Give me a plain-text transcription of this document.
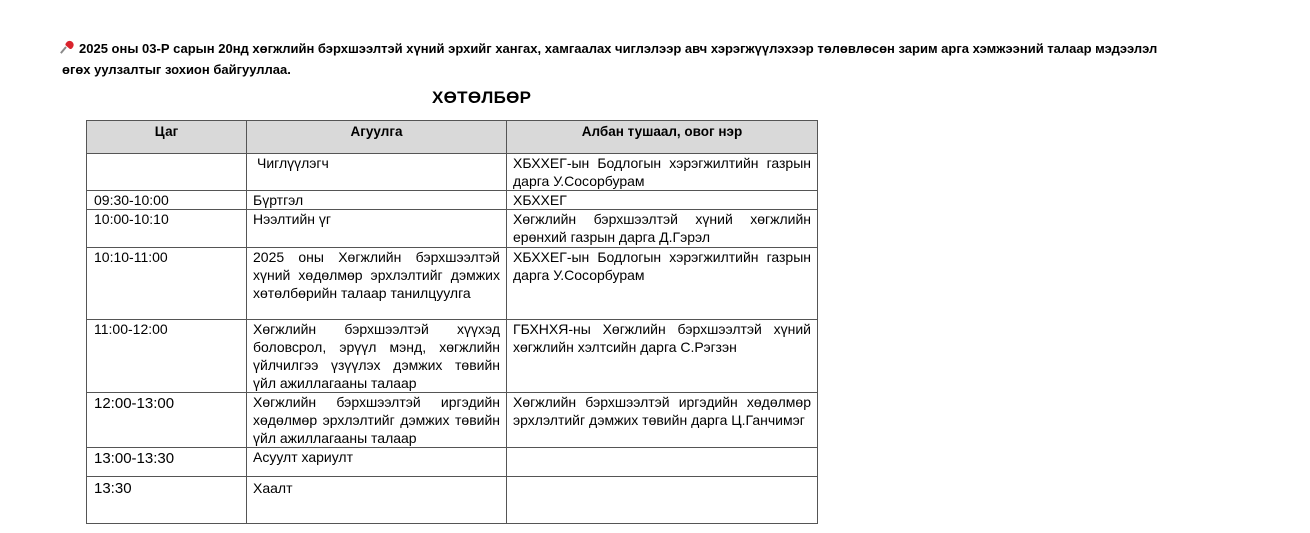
2025 оны 03-Р сарын 20нд хөгжлийн бэрхшээлтэй хүний эрхийг хангах, хамгаалах чиглэлээр авч хэрэгжүүлэхээр төлөвлөсөн зарим арга хэмжээний талаар мэдээлэл
өгөх уулзалтыг зохион байгууллаа.
ХӨТӨЛБӨР
Цаг	Агуулга	Албан тушаал, овог нэр
	Чиглүүлэгч	ХБХХЕГ-ын Бодлогын хэрэгжилтийн газрын дарга У.Сосорбурам
09:30-10:00	Бүртгэл	ХБХХЕГ
10:00-10:10	Нээлтийн үг	Хөгжлийн бэрхшээлтэй хүний хөгжлийн ерөнхий газрын дарга Д.Гэрэл
10:10-11:00	2025 оны Хөгжлийн бэрхшээлтэй хүний хөдөлмөр эрхлэлтийг дэмжих хөтөлбөрийн талаар танилцуулга	ХБХХЕГ-ын Бодлогын хэрэгжилтийн газрын дарга У.Сосорбурам
11:00-12:00	Хөгжлийн бэрхшээлтэй хүүхэд боловсрол, эрүүл мэнд, хөгжлийн үйлчилгээ үзүүлэх дэмжих төвийн үйл ажиллагааны талаар	ГБХНХЯ-ны Хөгжлийн бэрхшээлтэй хүний хөгжлийн хэлтсийн дарга С.Рэгзэн
12:00-13:00	Хөгжлийн бэрхшээлтэй иргэдийн хөдөлмөр эрхлэлтийг дэмжих төвийн үйл ажиллагааны талаар	Хөгжлийн бэрхшээлтэй иргэдийн хөдөлмөр эрхлэлтийг дэмжих төвийн дарга Ц.Ганчимэг
13:00-13:30	Асуулт хариулт	
13:30	Хаалт	
